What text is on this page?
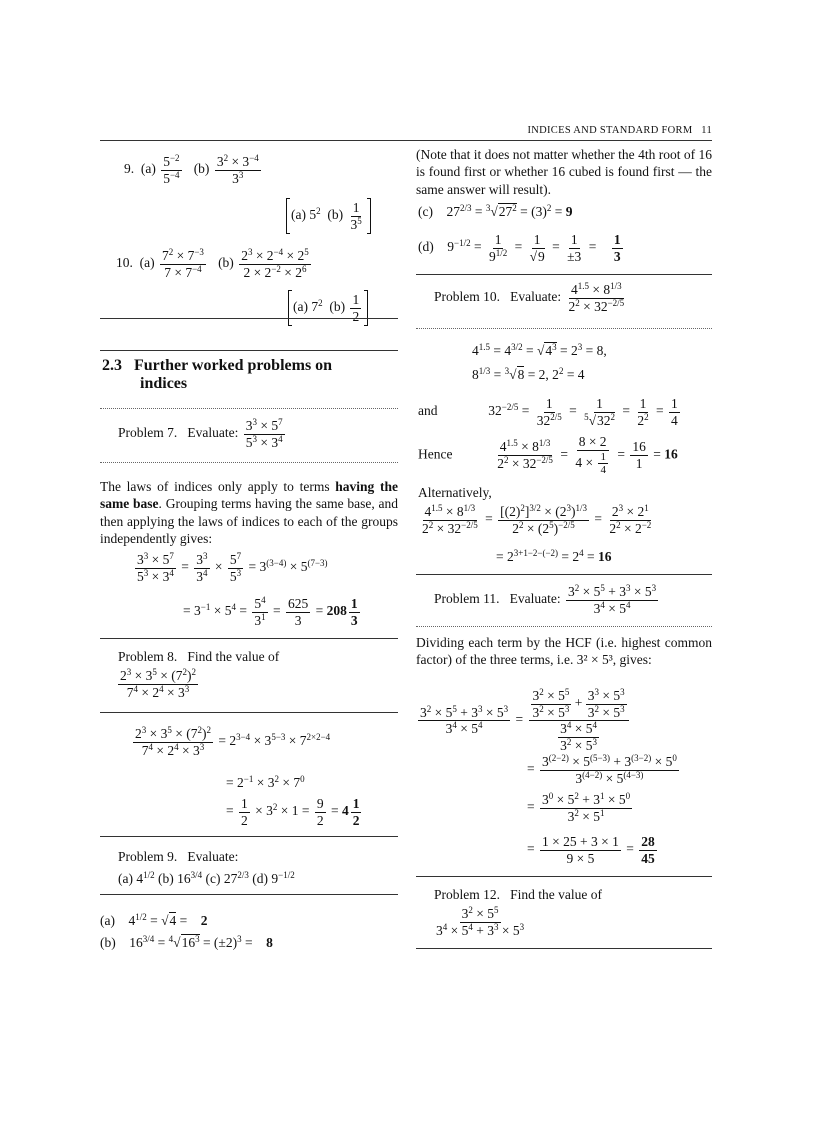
INDICES AND STANDARD FORM 11
9. $(a) \frac{5^{-2}}{5^{-4}} (b) \frac{3^2 \times 3^{-4}}{3^3}$
(a) $5^2$ $(b) \frac{1}{3^5}$
10. $(a) \frac{7^2 \times 7^{-3}}{7 \times 7^{-4}} (b) \frac{2^3 \times 2^{-4} \times 2^5}{2 \times 2^{-2} \times 2^6}$
(a) $7^2$ $(b) \frac{1}{2}$
2.3 Further worked problems on
indices
Problem 7. Evaluate: $\frac{3^3 \times 5^7}{5^3 \times 3^4}$
The laws of indices only apply to terms having the same base. Grouping terms having the same base, and then applying the laws of indices to each of the groups independently gives:
$\frac{3^3 \times 5^7}{5^3 \times 3^4} = \frac{3^3}{3^4} \times \frac{5^7}{5^3} = 3^{(3-4)} \times 5^{(7-3)}$
= $3^{-1} \times 5^4 = \frac{5^4}{3^1} = \frac{625}{3} = 208 \frac{1}{3}$
Problem 8. Find the value of
$\frac{2^3 \times 3^5 \times (7^2)^2}{7^4 \times 2^4 \times 3^3}$
$\frac{2^3 \times 3^5 \times (7^2)^2}{7^4 \times 2^4 \times 3^3} = 2^{3-4} \times 3^{5-3} \times 7^{2\times 2-4}$
= $2^{-1} \times 3^2 \times 7^0$
= $\frac{1}{2} \times 3^2 \times 1 = \frac{9}{2} = 4 \frac{1}{2}$
Problem 9. Evaluate:
(a) $4^{1/2}$ (b) $16^{3/4}$ (c) $27^{2/3}$ (d) $9^{-1/2}$
(a)    $4^{1/2} = √4$ =    2
(b)    $16^{3/4} = ^4√16^3 = (\pm 2)^3$ =    8
(Note that it does not matter whether the 4th root of 16 is found first or whether 16 cubed is found first — the same answer will result).
(c)    $27^{2/3} = ^3√27^2 = (3)^2 = 9$
(d)    $9^{-1/2} = \frac{1}{9^{1/2}} = \frac{1}{√9} = \frac{1}{\pm 3} = \frac{1}{3}$
Problem 10. Evaluate: $\frac{4^{1.5} \times 8^{1/3}}{2^2 \times 32^{-2/5}}$
$4^{1.5} = 4^{3/2} = √4^3 = 2^3 = 8$,
$8^{1/3} = ^3√8 = 2$, $2^2 = 4$
and	$32^{-2/5} = \frac{1}{32^{2/5}} = \frac{1}{^5√32^2} = \frac{1}{2^2} = \frac{1}{4}$
Hence	$\frac{4^{1.5} \times 8^{1/3}}{2^2 \times 32^{-2/5}} = \frac{8 \times 2}{4 \times \frac{1}{4}} = \frac{16}{1} = 16$
Alternatively,
$\frac{4^{1.5} \times 8^{1/3}}{2^2 \times 32^{-2/5}} = \frac{[(2)^2]^{3/2} \times (2^3)^{1/3}}{2^2 \times (2^5)^{-2/5}} = \frac{2^3 \times 2^1}{2^2 \times 2^{-2}}$
= $2^{3+1-2-(-2)} = 2^4 = 16$
Problem 11. Evaluate: $\frac{3^2 \times 5^5 + 3^3 \times 5^3}{3^4 \times 5^4}$
Dividing each term by the HCF (i.e. highest common factor) of the three terms, i.e. 3² × 5³, gives:
$\frac{3^2 \times 5^5 + 3^3 \times 5^3}{3^4 \times 5^4} = \frac{\frac{3^2 \times 5^5}{3^2 \times 5^3} + \frac{3^3 \times 5^3}{3^2 \times 5^3}}{\frac{3^4 \times 5^4}{3^2 \times 5^3}}$
= $\frac{3^{(2-2)} \times 5^{(5-3)} + 3^{(3-2)} \times 5^0}{3^{(4-2)} \times 5^{(4-3)}}$
= $\frac{3^0 \times 5^2 + 3^1 \times 5^0}{3^2 \times 5^1}$
= $\frac{1 \times 25 + 3 \times 1}{9 \times 5} = \frac{28}{45}$
Problem 12. Find the value of
$\frac{3^2 \times 5^5}{3^4 \times 5^4 + 3^3 \times 5^3}$
